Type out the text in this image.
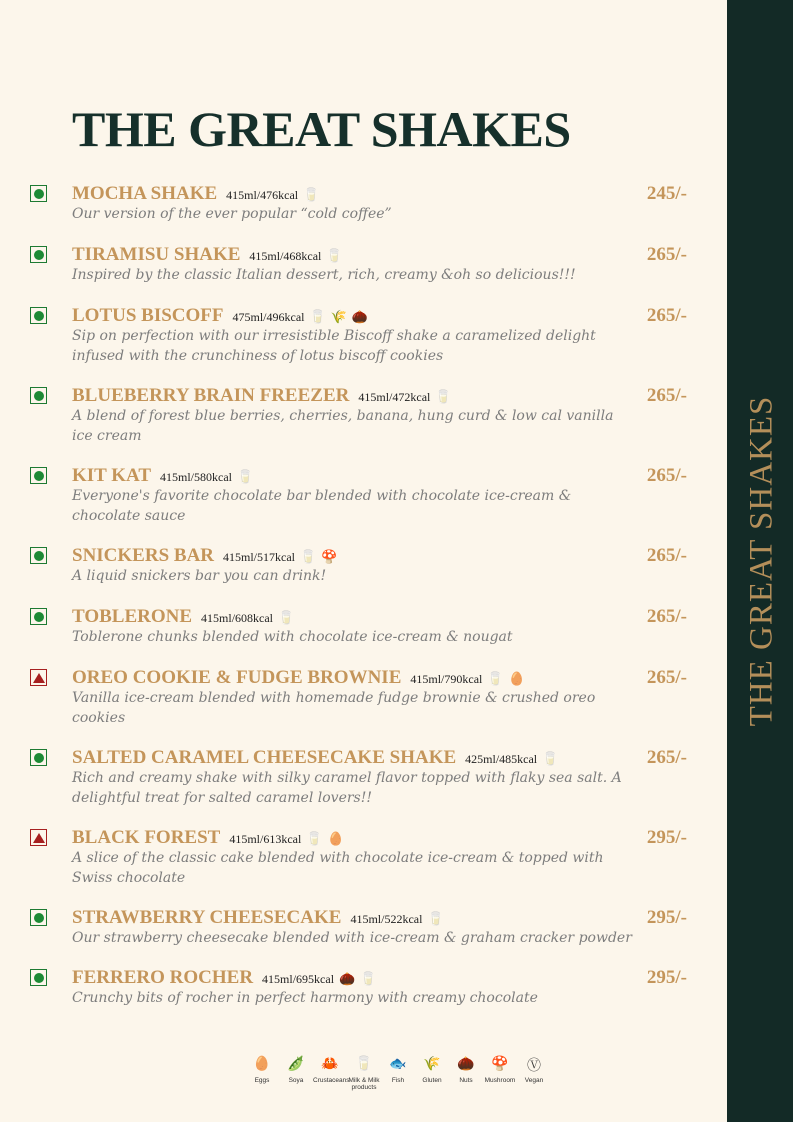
THE GREAT SHAKES
THE GREAT SHAKES
MOCHA SHAKE 415ml/476kcal 🥛
Our version of the ever popular “cold coffee”
245/-
TIRAMISU SHAKE 415ml/468kcal 🥛
Inspired by the classic Italian dessert, rich, creamy &oh so delicious!!!
265/-
LOTUS BISCOFF 475ml/496kcal 🥛 🌾 🌰
Sip on perfection with our irresistible Biscoff shake a caramelized delight infused with the crunchiness of lotus biscoff cookies
265/-
BLUEBERRY BRAIN FREEZER 415ml/472kcal 🥛
A blend of forest blue berries, cherries, banana, hung curd & low cal vanilla ice cream
265/-
KIT KAT 415ml/580kcal 🥛
Everyone's favorite chocolate bar blended with chocolate ice-cream & chocolate sauce
265/-
SNICKERS BAR 415ml/517kcal 🥛 🍄
A liquid snickers bar you can drink!
265/-
TOBLERONE 415ml/608kcal 🥛
Toblerone chunks blended with chocolate ice-cream & nougat
265/-
OREO COOKIE & FUDGE BROWNIE 415ml/790kcal 🥛 🥚
Vanilla ice-cream blended with homemade fudge brownie & crushed oreo cookies
265/-
SALTED CARAMEL CHEESECAKE SHAKE 425ml/485kcal 🥛
Rich and creamy shake with silky caramel flavor topped with flaky sea salt. A delightful treat for salted caramel lovers!!
265/-
BLACK FOREST 415ml/613kcal 🥛 🥚
A slice of the classic cake blended with chocolate ice-cream & topped with Swiss chocolate
295/-
STRAWBERRY CHEESECAKE 415ml/522kcal 🥛
Our strawberry cheesecake blended with ice-cream & graham cracker powder
295/-
FERRERO ROCHER 415ml/695kcal 🌰 🥛
Crunchy bits of rocher in perfect harmony with creamy chocolate
295/-
🥚
Eggs
🫛
Soya
🦀
Crustaceans
🥛
Milk & Milk products
🐟
Fish
🌾
Gluten
🌰
Nuts
🍄
Mushroom
Ⓥ
Vegan
